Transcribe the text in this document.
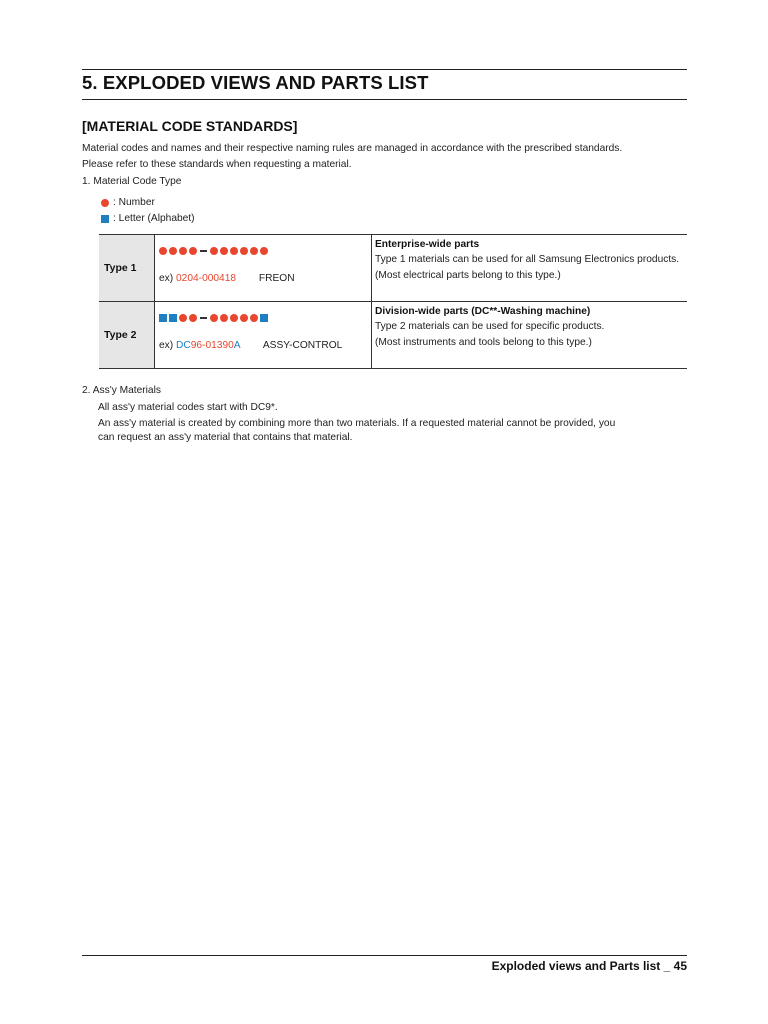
5. EXPLODED VIEWS AND PARTS LIST
[MATERIAL CODE STANDARDS]
Material codes and names and their respective naming rules are managed in accordance with the prescribed standards.
Please refer to these standards when requesting a material.
1. Material Code Type
: Number
: Letter (Alphabet)
Type 1	ex) 0204-000418 FREON	Enterprise-wide parts
Type 1 materials can be used for all Samsung Electronics products.
(Most electrical parts belong to this type.)

Type 2	ex) DC96-01390A ASSY-CONTROL	Division-wide parts (DC**-Washing machine)
Type 2 materials can be used for specific products.
(Most instruments and tools belong to this type.)
2. Ass'y Materials
All ass'y material codes start with DC9*.
An ass'y material is created by combining more than two materials. If a requested material cannot be provided, you
can request an ass'y material that contains that material.
Exploded views and Parts list _ 45
